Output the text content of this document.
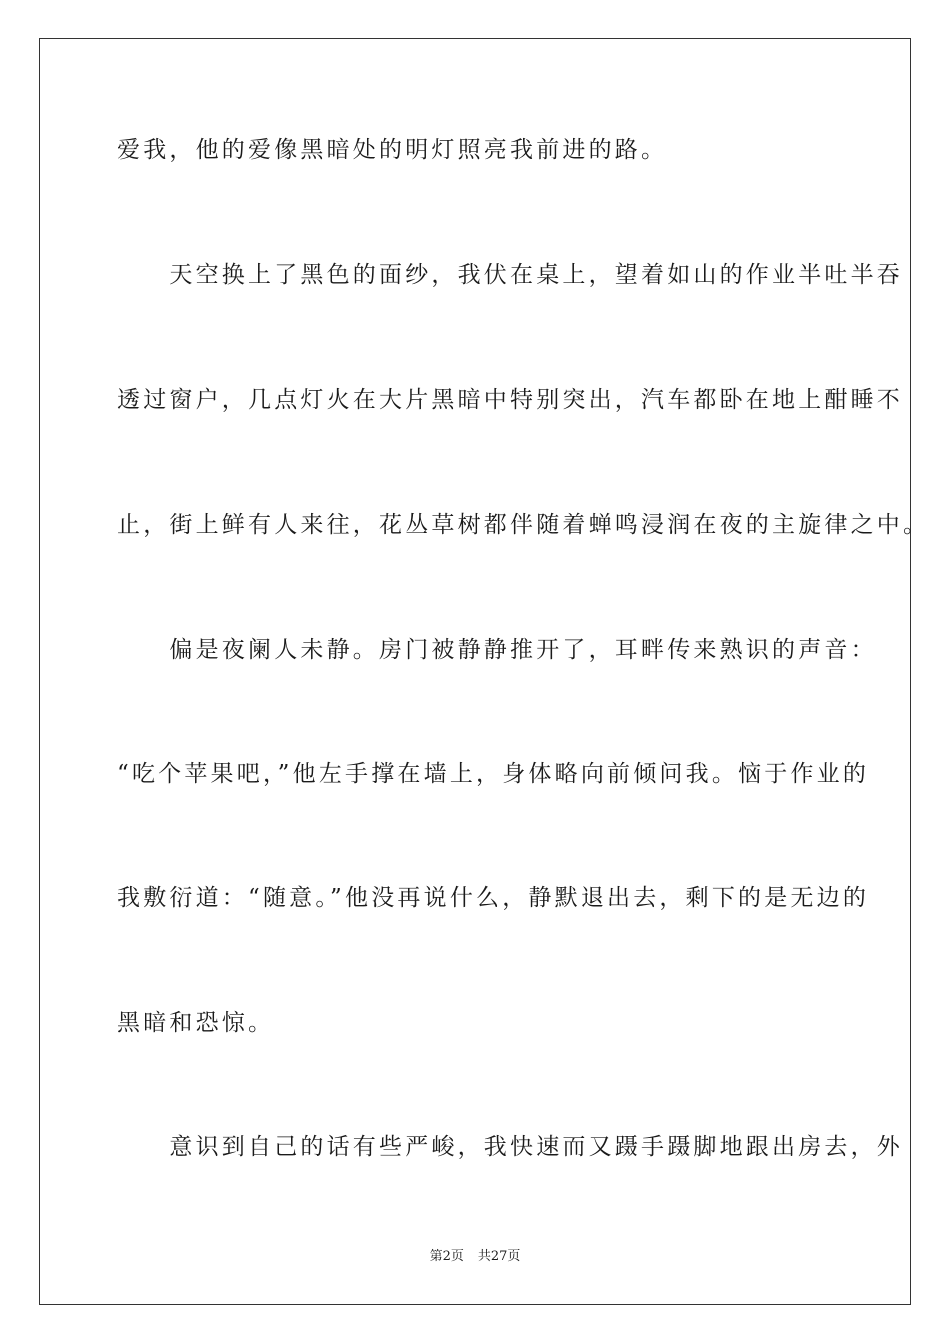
爱我，他的爱像黑暗处的明灯照亮我前进的路。
　　天空换上了黑色的面纱，我伏在桌上，望着如山的作业半吐半吞
透过窗户，几点灯火在大片黑暗中特别突出，汽车都卧在地上酣睡不
止，街上鲜有人来往，花丛草树都伴随着蝉鸣浸润在夜的主旋律之中。
　　偏是夜阑人未静。房门被静静推开了，耳畔传来熟识的声音：
“吃个苹果吧，”他左手撑在墙上，身体略向前倾问我。恼于作业的
我敷衍道：“随意。”他没再说什么，静默退出去，剩下的是无边的
黑暗和恐惊。
　　意识到自己的话有些严峻，我快速而又蹑手蹑脚地跟出房去，外
第2页 共27页
